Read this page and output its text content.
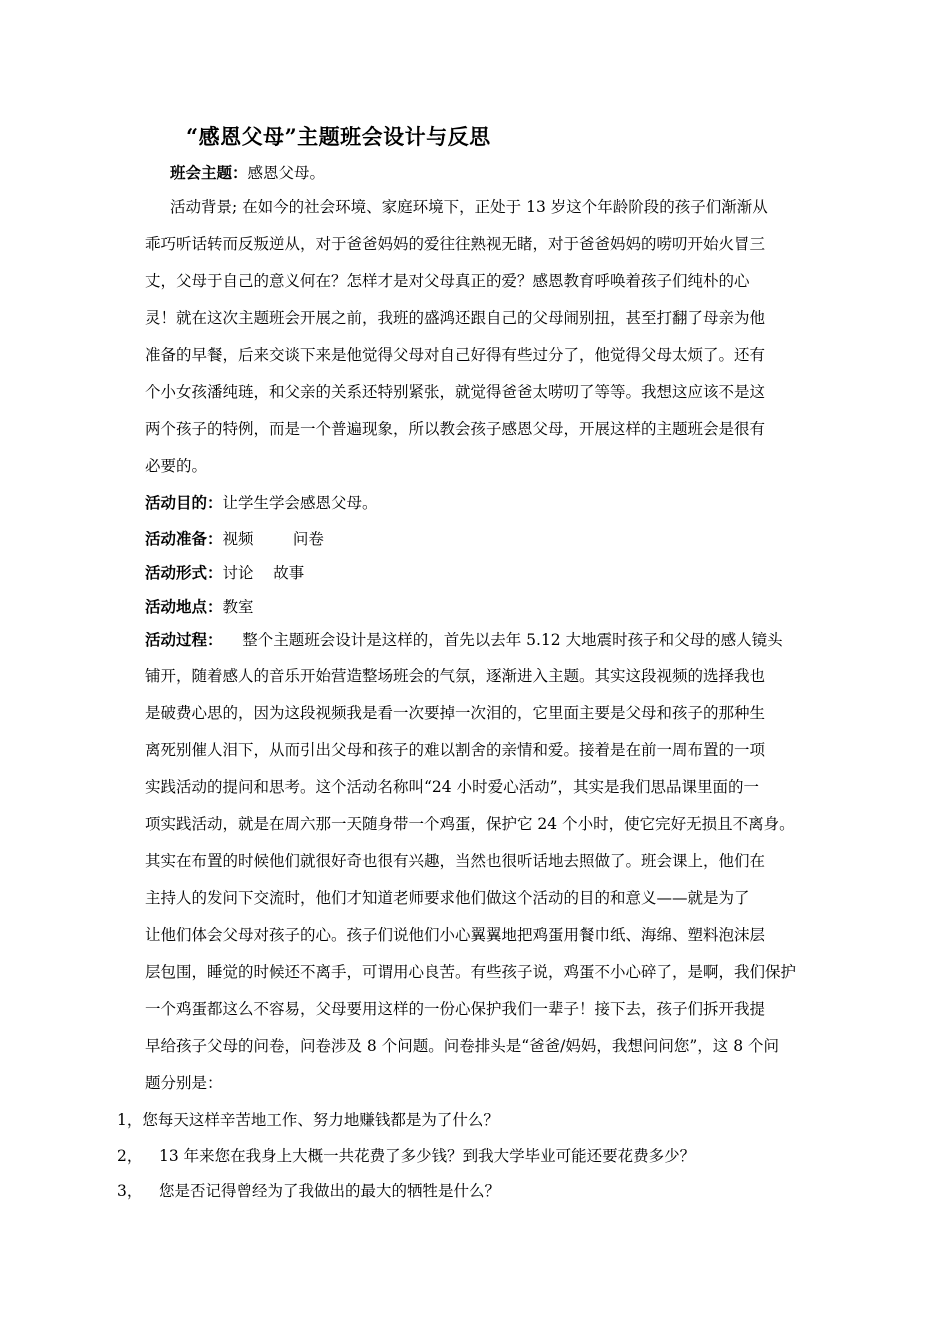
“感恩父母”主题班会设计与反思
班会主题：感恩父母。
活动背景; 在如今的社会环境、家庭环境下，正处于 13 岁这个年龄阶段的孩子们渐渐从
乖巧听话转而反叛逆从，对于爸爸妈妈的爱往往熟视无睹，对于爸爸妈妈的唠叨开始火冒三
丈，父母于自己的意义何在？怎样才是对父母真正的爱？感恩教育呼唤着孩子们纯朴的心
灵！就在这次主题班会开展之前，我班的盛鸿还跟自己的父母闹别扭，甚至打翻了母亲为他
准备的早餐，后来交谈下来是他觉得父母对自己好得有些过分了，他觉得父母太烦了。还有
个小女孩潘纯琏，和父亲的关系还特别紧张，就觉得爸爸太唠叨了等等。我想这应该不是这
两个孩子的特例，而是一个普遍现象，所以教会孩子感恩父母，开展这样的主题班会是很有
必要的。
活动目的：让学生学会感恩父母。
活动准备：视频        问卷
活动形式：讨论    故事
活动地点：教室
活动过程：    整个主题班会设计是这样的，首先以去年 5.12 大地震时孩子和父母的感人镜头
铺开，随着感人的音乐开始营造整场班会的气氛，逐渐进入主题。其实这段视频的选择我也
是破费心思的，因为这段视频我是看一次要掉一次泪的，它里面主要是父母和孩子的那种生
离死别催人泪下，从而引出父母和孩子的难以割舍的亲情和爱。接着是在前一周布置的一项
实践活动的提问和思考。这个活动名称叫“24 小时爱心活动”，其实是我们思品课里面的一
项实践活动，就是在周六那一天随身带一个鸡蛋，保护它 24 个小时，使它完好无损且不离身。
其实在布置的时候他们就很好奇也很有兴趣，当然也很听话地去照做了。班会课上，他们在
主持人的发问下交流时，他们才知道老师要求他们做这个活动的目的和意义——就是为了
让他们体会父母对孩子的心。孩子们说他们小心翼翼地把鸡蛋用餐巾纸、海绵、塑料泡沫层
层包围，睡觉的时候还不离手，可谓用心良苦。有些孩子说，鸡蛋不小心碎了，是啊，我们保护
一个鸡蛋都这么不容易，父母要用这样的一份心保护我们一辈子！接下去，孩子们拆开我提
早给孩子父母的问卷，问卷涉及 8 个问题。问卷排头是“爸爸/妈妈，我想问问您”，这 8 个问
题分别是：
1，您每天这样辛苦地工作、努力地赚钱都是为了什么？
2， 13 年来您在我身上大概一共花费了多少钱？到我大学毕业可能还要花费多少？
3， 您是否记得曾经为了我做出的最大的牺牲是什么？
